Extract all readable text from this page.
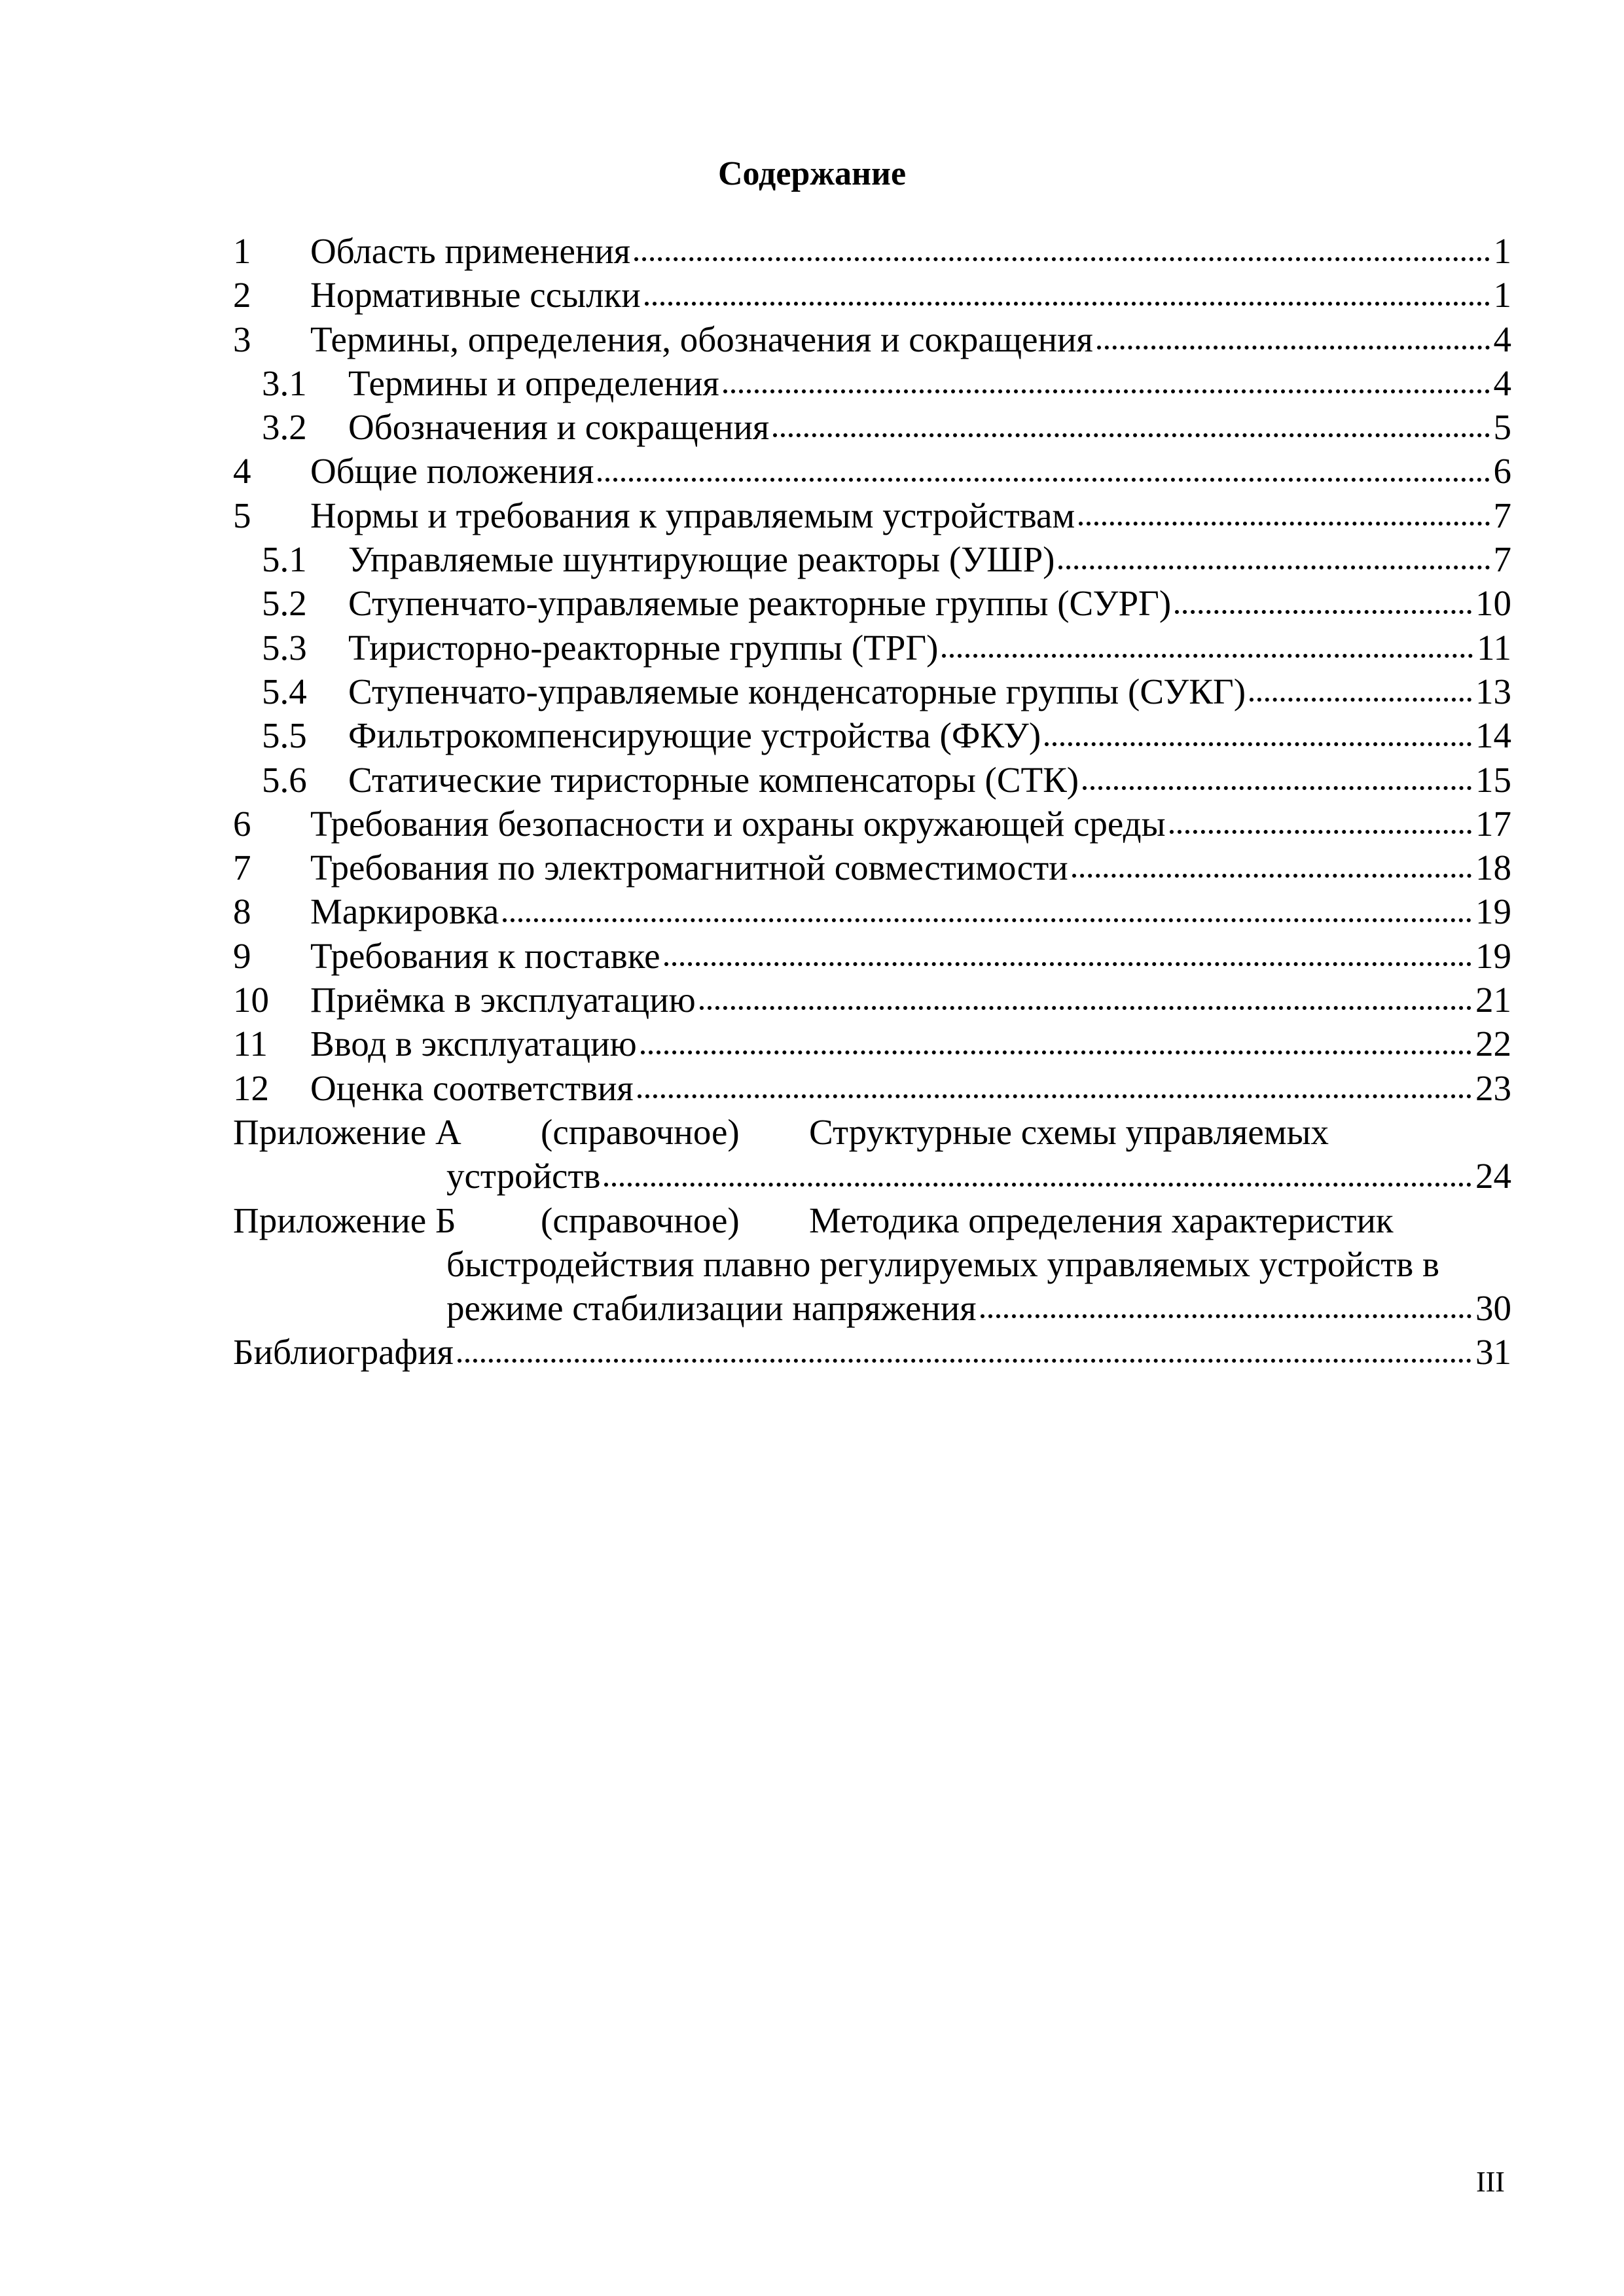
Содержание
1	Область применения	1
2	Нормативные ссылки	1
3	Термины, определения, обозначения и сокращения	4
3.1	Термины и определения	4
3.2	Обозначения и сокращения	5
4	Общие положения	6
5	Нормы и требования к управляемым устройствам	7
5.1	Управляемые шунтирующие реакторы (УШР)	7
5.2	Ступенчато-управляемые реакторные группы (СУРГ)	10
5.3	Тиристорно-реакторные группы (ТРГ)	11
5.4	Ступенчато-управляемые конденсаторные группы (СУКГ)	13
5.5	Фильтрокомпенсирующие устройства (ФКУ)	14
5.6	Статические тиристорные компенсаторы (СТК)	15
6	Требования безопасности и охраны окружающей среды	17
7	Требования по электромагнитной совместимости	18
8	Маркировка	19
9	Требования к поставке	19
10	Приёмка в эксплуатацию	21
11	Ввод в эксплуатацию	22
12	Оценка соответствия	23
Приложение А	(справочное)	Структурные схемы управляемых
устройств	24
Приложение Б	(справочное)	Методика определения характеристик
быстродействия плавно регулируемых управляемых устройств в
режиме стабилизации напряжения	30
Библиография	31
III
